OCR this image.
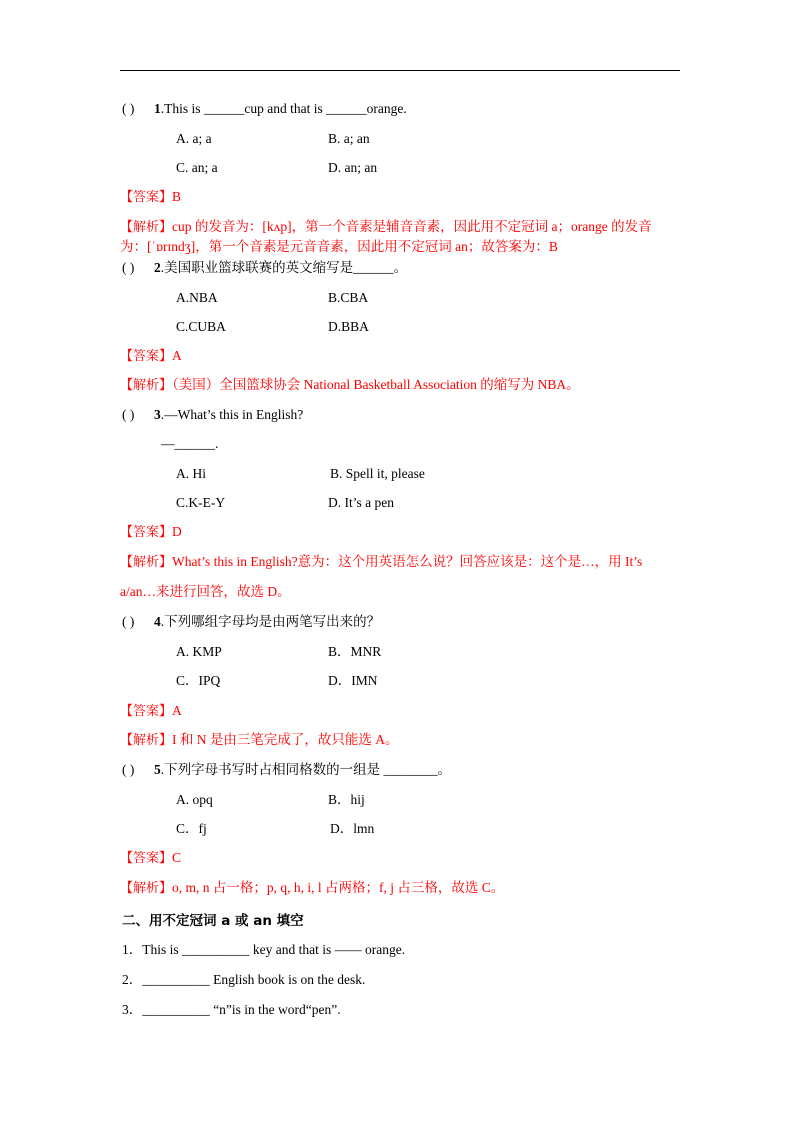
( ) 1.This is ______cup and that is ______orange.
A. a; a	B. a; an
C. an; a	D. an; an
【答案】B
【解析】cup 的发音为：[kʌp]，第一个音素是辅音音素，因此用不定冠词 a；orange 的发音
为：[ˈɒrɪndʒ]，第一个音素是元音音素，因此用不定冠词 an；故答案为：B
( ) 2.美国职业篮球联赛的英文缩写是______。
A.NBA	B.CBA
C.CUBA	D.BBA
【答案】A
【解析】（美国）全国篮球协会 National Basketball Association 的缩写为 NBA。
( ) 3.—What’s this in English?
—______.
A. Hi	B. Spell it, please
C.K-E-Y	D. It’s a pen
【答案】D
【解析】What’s this in English?意为：这个用英语怎么说？回答应该是：这个是…，用 It’s
a/an…来进行回答，故选 D。
( ) 4.下列哪组字母均是由两笔写出来的？
A. KMP	B．MNR
C．IPQ	D．IMN
【答案】A
【解析】I 和 N 是由三笔完成了，故只能选 A。
( ) 5.下列字母书写时占相同格数的一组是 ________。
A. opq	B．hij
C．fj	D．lmn
【答案】C
【解析】o, m, n 占一格；p, q, h, i, l 占两格；f, j 占三格，故选 C。
二、用不定冠词 a 或 an 填空
1．This is __________ key and that is —— orange.
2．__________ English book is on the desk.
3．__________ “n”is in the word“pen”.
